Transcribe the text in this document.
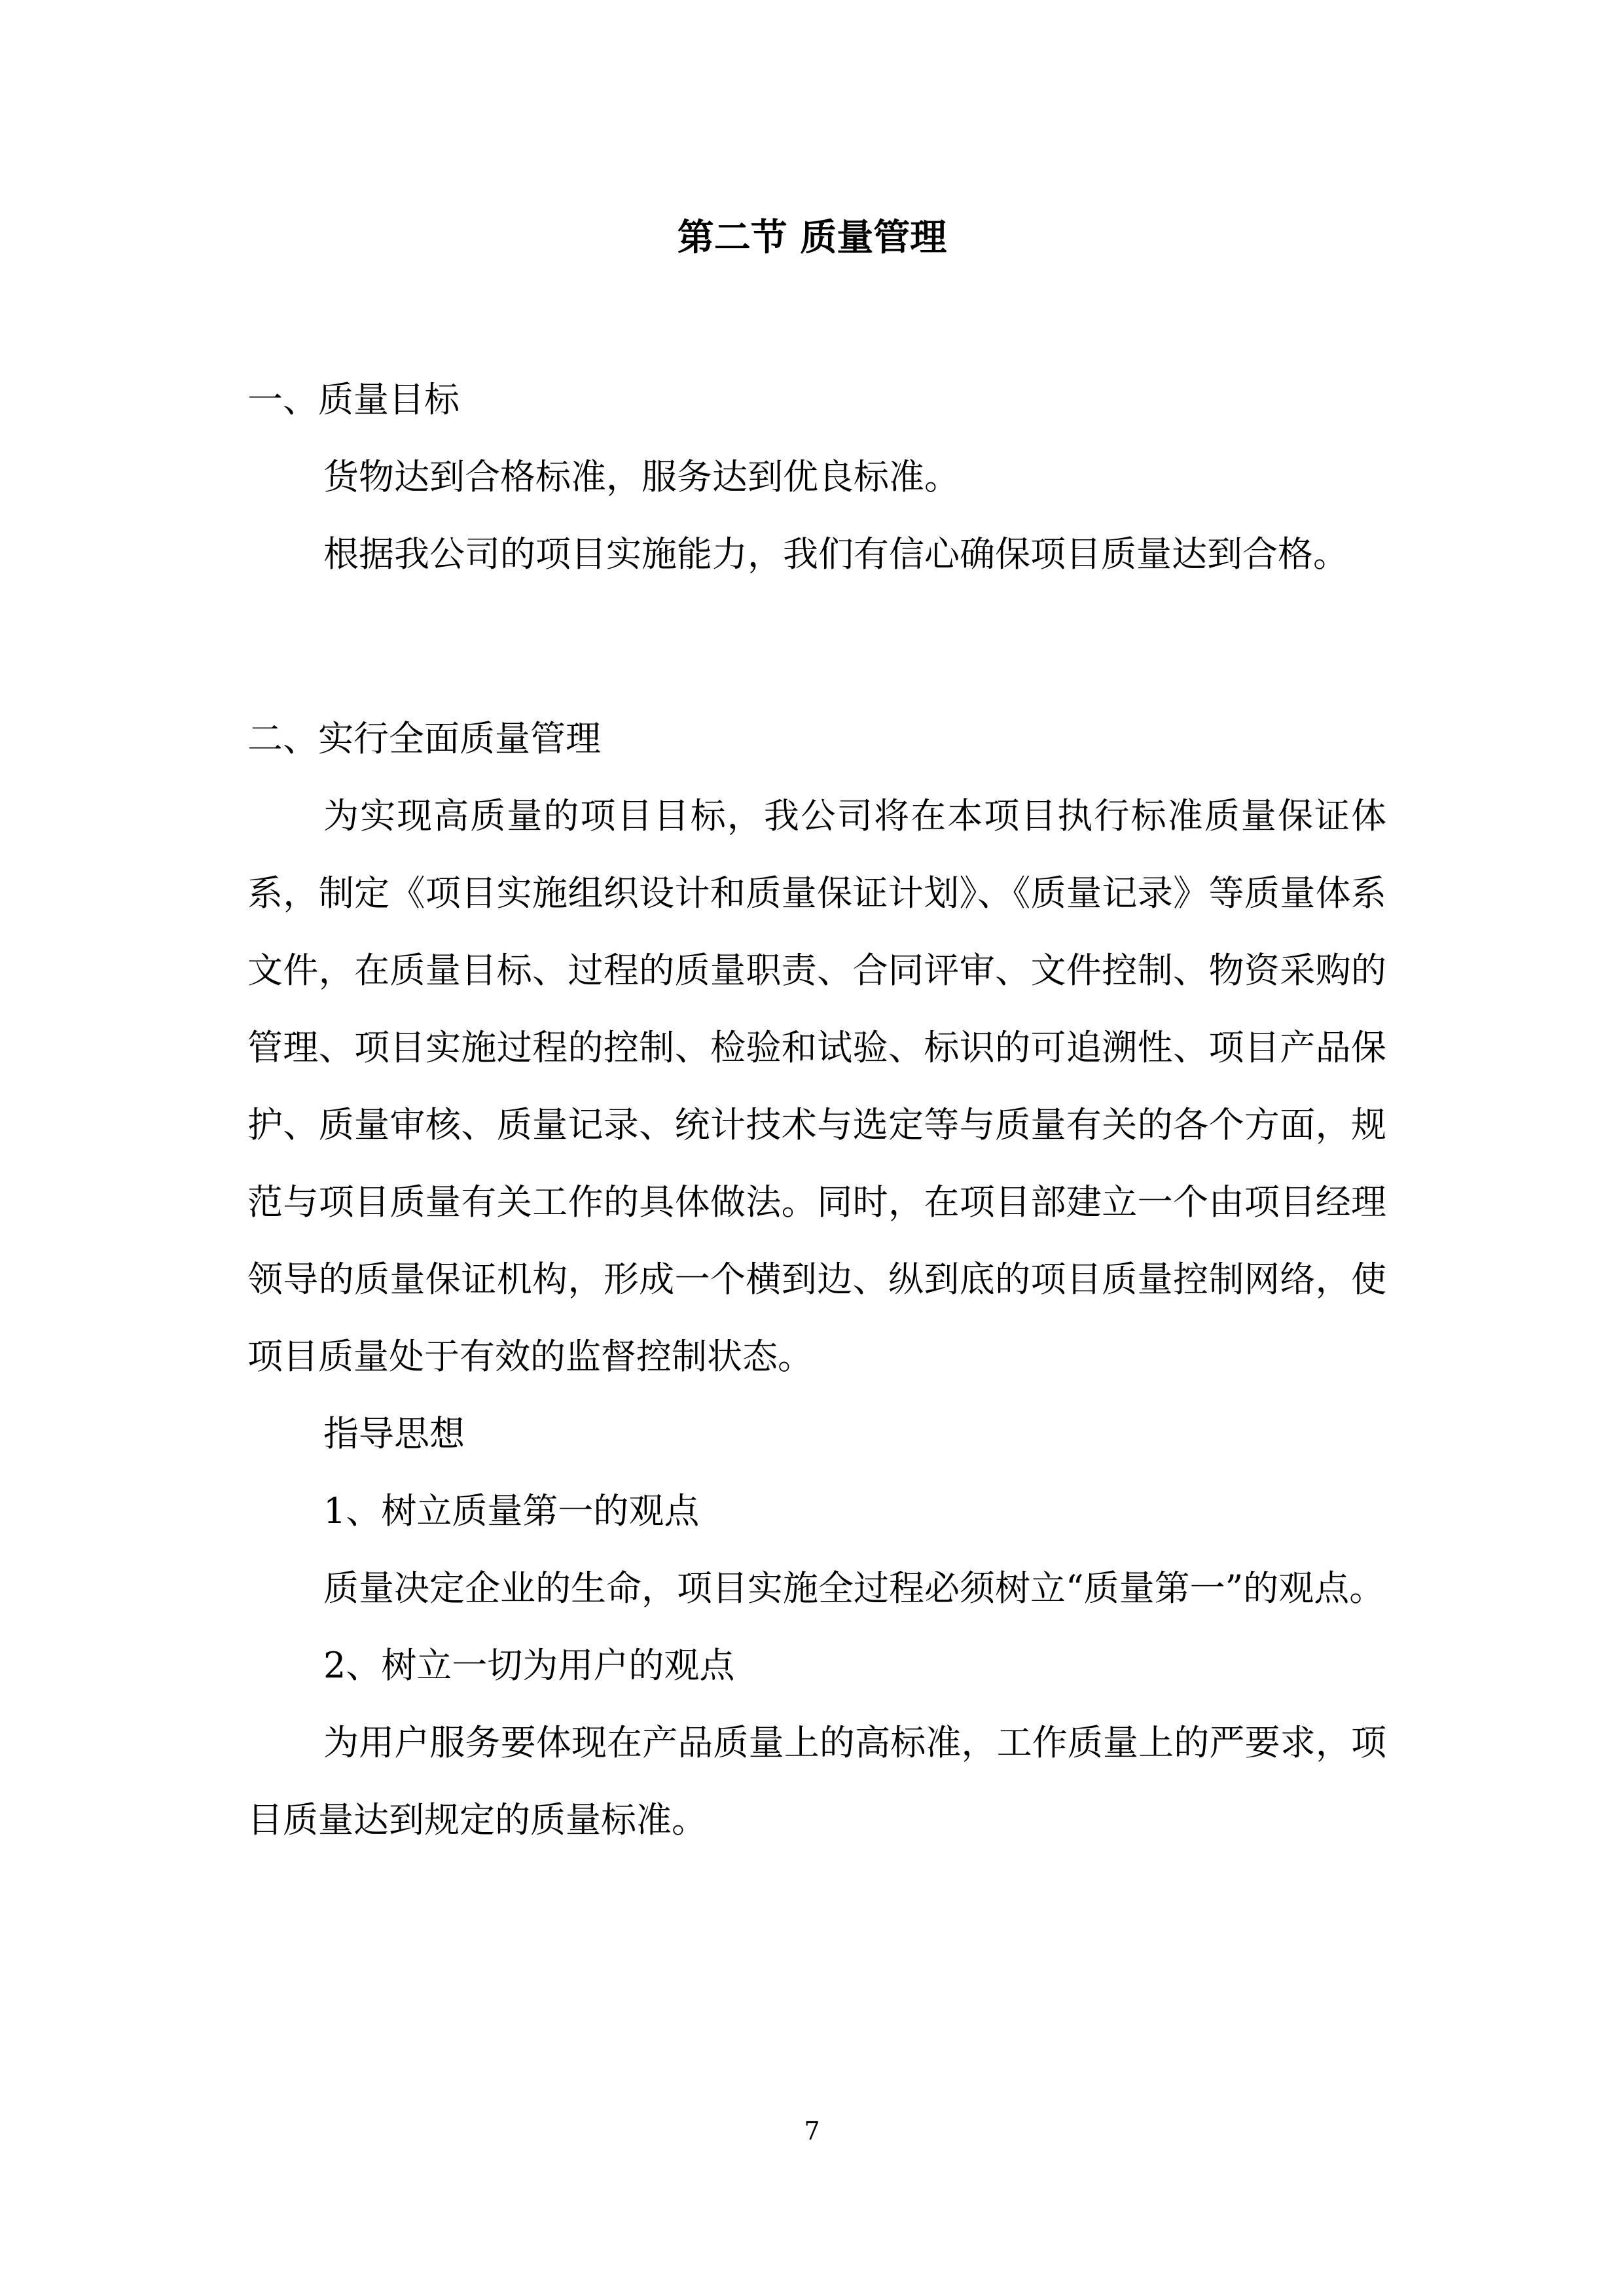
第二节 质量管理

一、质量目标

货物达到合格标准，服务达到优良标准。

根据我公司的项目实施能力，我们有信心确保项目质量达到合格。

二、实行全面质量管理

为实现高质量的项目目标，我公司将在本项目执行标准质量保证体系，制定《项目实施组织设计和质量保证计划》、《质量记录》等质量体系文件，在质量目标、过程的质量职责、合同评审、文件控制、物资采购的管理、项目实施过程的控制、检验和试验、标识的可追溯性、项目产品保护、质量审核、质量记录、统计技术与选定等与质量有关的各个方面，规范与项目质量有关工作的具体做法。同时，在项目部建立一个由项目经理领导的质量保证机构，形成一个横到边、纵到底的项目质量控制网络，使项目质量处于有效的监督控制状态。

指导思想

1、树立质量第一的观点

质量决定企业的生命，项目实施全过程必须树立“质量第一”的观点。

2、树立一切为用户的观点

为用户服务要体现在产品质量上的高标准，工作质量上的严要求，项目质量达到规定的质量标准。

7
